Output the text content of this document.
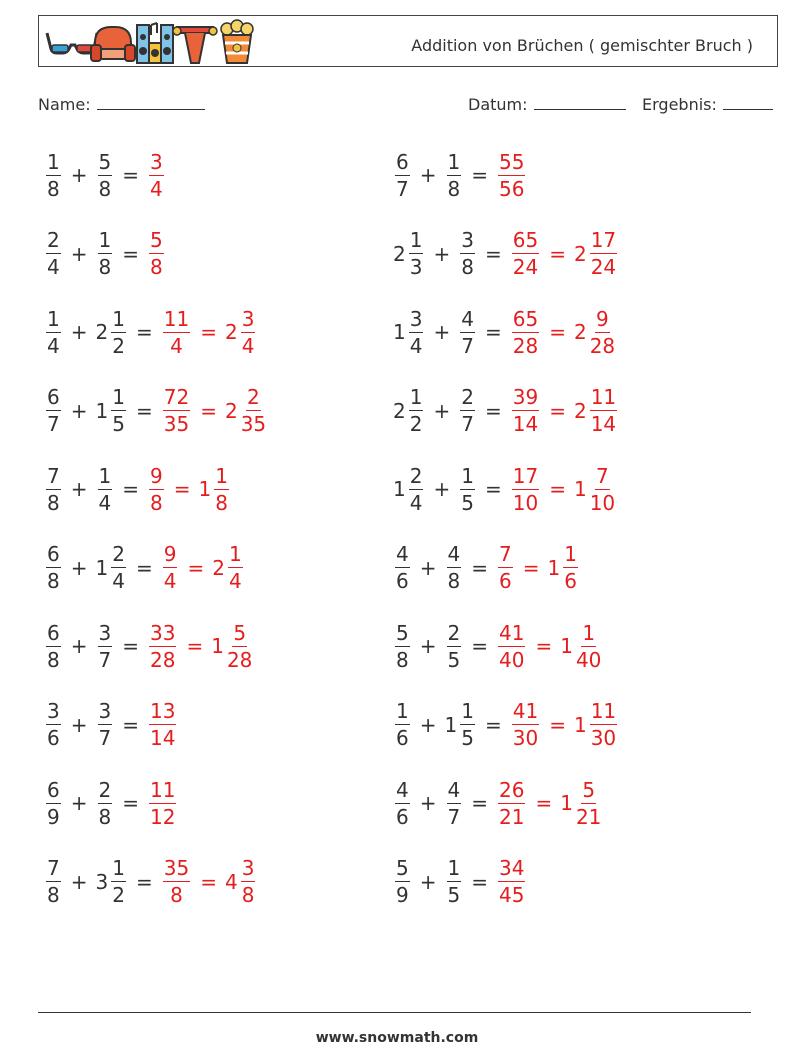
Addition von Brüchen ( gemischter Bruch )
Name:	Datum:	Ergebnis:
$\frac{1}{8} + \frac{5}{8} = \frac{3}{4}$
$\frac{2}{4} + \frac{1}{8} = \frac{5}{8}$
$\frac{1}{4} + 2 \frac{1}{2} = \frac{11}{4} = 2 \frac{3}{4}$
$\frac{6}{7} + 1 \frac{1}{5} = \frac{72}{35} = 2 \frac{2}{35}$
$\frac{7}{8} + \frac{1}{4} = \frac{9}{8} = 1 \frac{1}{8}$
$\frac{6}{8} + 1 \frac{2}{4} = \frac{9}{4} = 2 \frac{1}{4}$
$\frac{6}{8} + \frac{3}{7} = \frac{33}{28} = 1 \frac{5}{28}$
$\frac{3}{6} + \frac{3}{7} = \frac{13}{14}$
$\frac{6}{9} + \frac{2}{8} = \frac{11}{12}$
$\frac{7}{8} + 3 \frac{1}{2} = \frac{35}{8} = 4 \frac{3}{8}$
$\frac{6}{7} + \frac{1}{8} = \frac{55}{56}$
$2 \frac{1}{3} + \frac{3}{8} = \frac{65}{24} = 2 \frac{17}{24}$
$1 \frac{3}{4} + \frac{4}{7} = \frac{65}{28} = 2 \frac{9}{28}$
$2 \frac{1}{2} + \frac{2}{7} = \frac{39}{14} = 2 \frac{11}{14}$
$1 \frac{2}{4} + \frac{1}{5} = \frac{17}{10} = 1 \frac{7}{10}$
$\frac{4}{6} + \frac{4}{8} = \frac{7}{6} = 1 \frac{1}{6}$
$\frac{5}{8} + \frac{2}{5} = \frac{41}{40} = 1 \frac{1}{40}$
$\frac{1}{6} + 1 \frac{1}{5} = \frac{41}{30} = 1 \frac{11}{30}$
$\frac{4}{6} + \frac{4}{7} = \frac{26}{21} = 1 \frac{5}{21}$
$\frac{5}{9} + \frac{1}{5} = \frac{34}{45}$
www.snowmath.com
